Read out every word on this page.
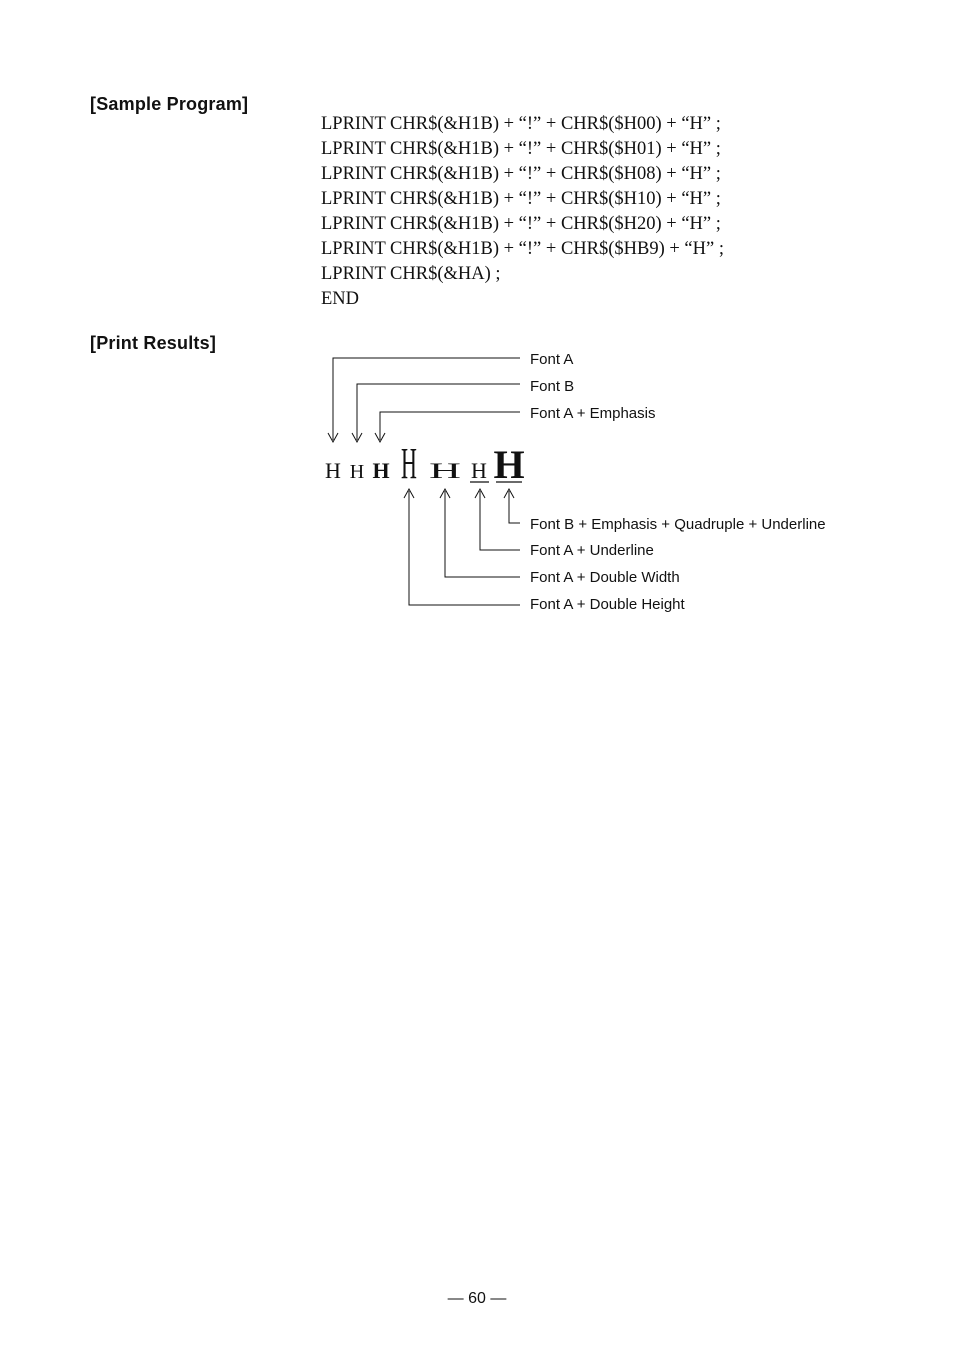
[Sample Program]
LPRINT CHR$(&H1B) + “!” + CHR$($H00) + “H” ;
LPRINT CHR$(&H1B) + “!” + CHR$($H01) + “H” ;
LPRINT CHR$(&H1B) + “!” + CHR$($H08) + “H” ;
LPRINT CHR$(&H1B) + “!” + CHR$($H10) + “H” ;
LPRINT CHR$(&H1B) + “!” + CHR$($H20) + “H” ;
LPRINT CHR$(&H1B) + “!” + CHR$($HB9) + “H” ;
LPRINT CHR$(&HA) ;
END
[Print Results]
H H H H H H H
Font A
Font B
Font A + Emphasis
Font B + Emphasis + Quadruple + Underline
Font A + Underline
Font A + Double Width
Font A + Double Height
— 60 —
